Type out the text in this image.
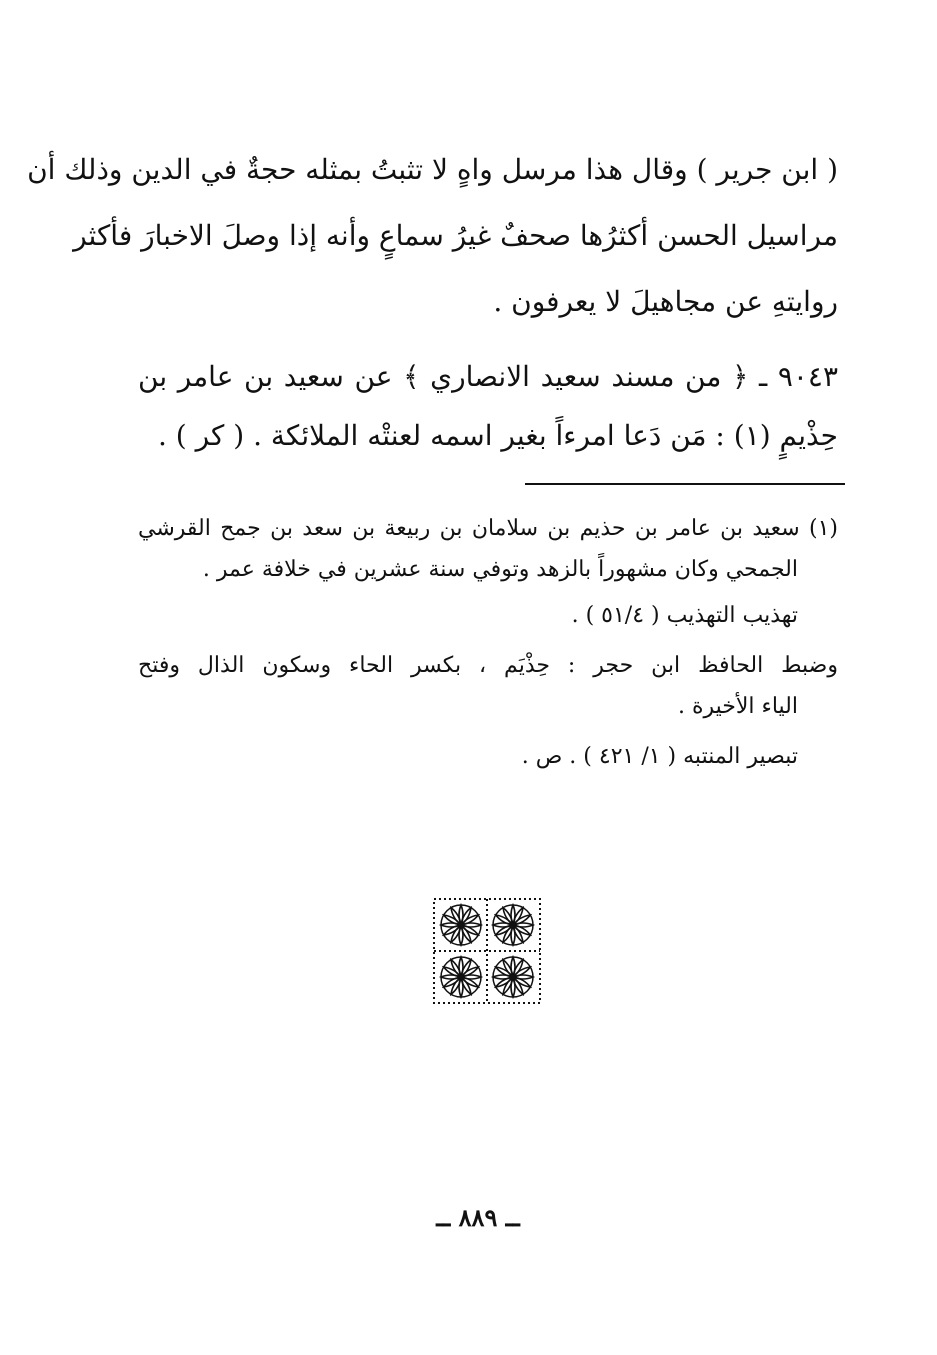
( ابن جرير ) وقال هذا مرسل واهٍ لا تثبتُ بمثله حجةٌ في الدين وذلك أن
مراسيل الحسن أكثرُها صحفٌ غيرُ سماعٍ وأنه إذا وصلَ الاخبارَ فأكثر
روايتهِ عن مجاهيلَ لا يعرفون .
٩٠٤٣ ـ ﴿ من مسند سعيد الانصاري ﴾ عن سعيد بن عامر بن
حِذْيمٍ (١) : مَن دَعا امرءاً بغير اسمه لعنتْه الملائكة . ( كر ) .
(١) سعيد بن عامر بن حذيم بن سلامان بن ربيعة بن سعد بن جمح القرشي
الجمحي وكان مشهوراً بالزهد وتوفي سنة عشرين في خلافة عمر .
تهذيب التهذيب ( ٥١/٤ ) .
وضبط الحافظ ابن حجر : حِذْيَم ، بكسر الحاء وسكون الذال وفتح
الياء الأخيرة .
تبصير المنتبه ( ١/ ٤٢١ ) . ص .
ــ ٨٨٩ ــ
